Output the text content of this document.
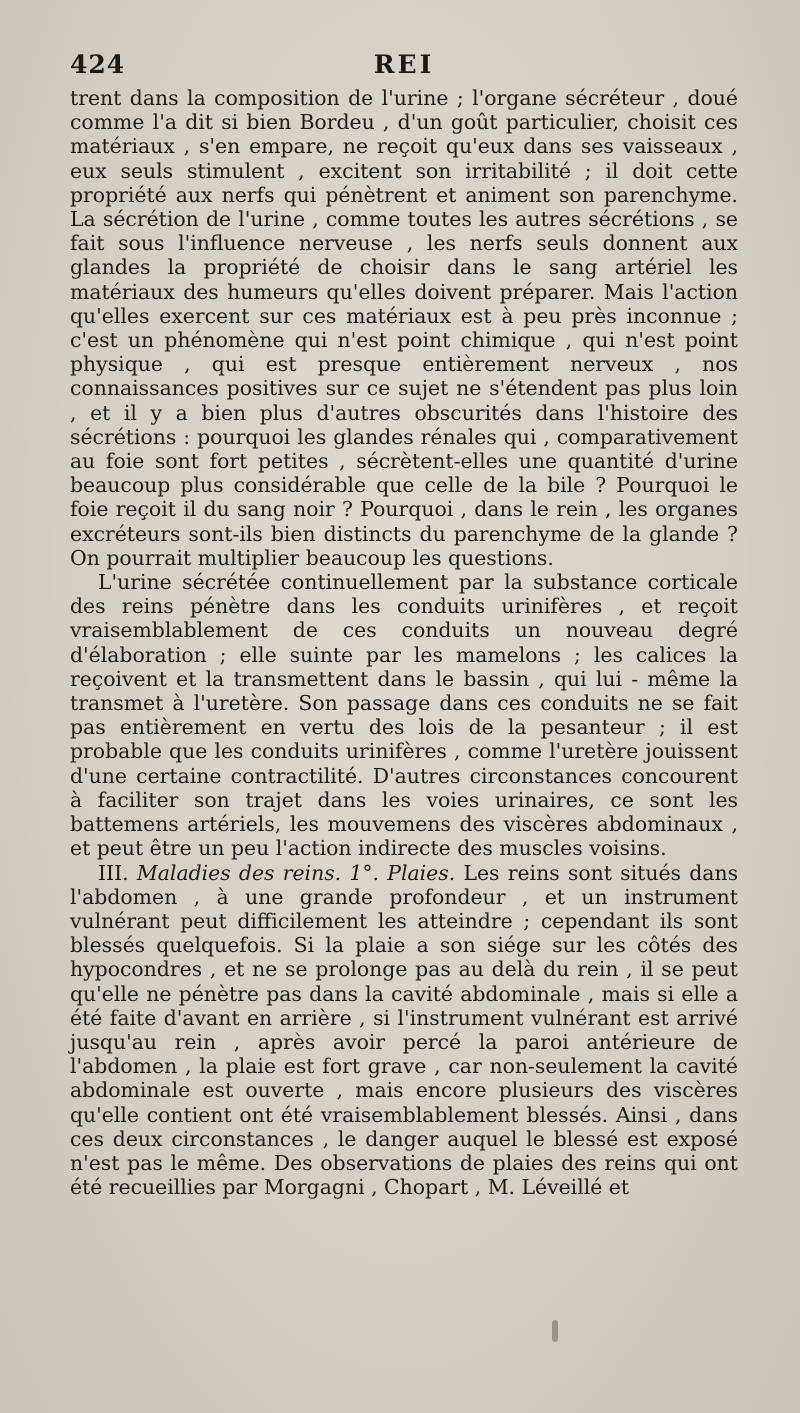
424	REI

trent dans la composition de l'urine ; l'organe sécréteur , doué comme l'a dit si bien Bordeu , d'un goût particulier, choisit ces matériaux , s'en empare, ne reçoit qu'eux dans ses vaisseaux , eux seuls stimulent , excitent son irritabilité ; il doit cette propriété aux nerfs qui pénètrent et animent son parenchyme. La sécrétion de l'urine , comme toutes les autres sécrétions , se fait sous l'influence nerveuse , les nerfs seuls donnent aux glandes la propriété de choisir dans le sang artériel les matériaux des humeurs qu'elles doivent préparer. Mais l'action qu'elles exercent sur ces matériaux est à peu près inconnue ; c'est un phénomène qui n'est point chimique , qui n'est point physique , qui est presque entièrement nerveux , nos connaissances positives sur ce sujet ne s'étendent pas plus loin , et il y a bien plus d'autres obscurités dans l'histoire des sécrétions : pourquoi les glandes rénales qui , comparativement au foie sont fort petites , sécrètent-elles une quantité d'urine beaucoup plus considérable que celle de la bile ? Pourquoi le foie reçoit il du sang noir ? Pourquoi , dans le rein , les organes excréteurs sont-ils bien distincts du parenchyme de la glande ? On pourrait multiplier beaucoup les questions.

L'urine sécrétée continuellement par la substance corticale des reins pénètre dans les conduits urinifères , et reçoit vraisemblablement de ces conduits un nouveau degré d'élaboration ; elle suinte par les mamelons ; les calices la reçoivent et la transmettent dans le bassin , qui lui - même la transmet à l'uretère. Son passage dans ces conduits ne se fait pas entièrement en vertu des lois de la pesanteur ; il est probable que les conduits urinifères , comme l'uretère jouissent d'une certaine contractilité. D'autres circonstances concourent à faciliter son trajet dans les voies urinaires, ce sont les battemens artériels, les mouvemens des viscères abdominaux , et peut être un peu l'action indirecte des muscles voisins.

III. Maladies des reins. 1°. Plaies. Les reins sont situés dans l'abdomen , à une grande profondeur , et un instrument vulnérant peut difficilement les atteindre ; cependant ils sont blessés quelquefois. Si la plaie a son siége sur les côtés des hypocondres , et ne se prolonge pas au delà du rein , il se peut qu'elle ne pénètre pas dans la cavité abdominale , mais si elle a été faite d'avant en arrière , si l'instrument vulnérant est arrivé jusqu'au rein , après avoir percé la paroi antérieure de l'abdomen , la plaie est fort grave , car non-seulement la cavité abdominale est ouverte , mais encore plusieurs des viscères qu'elle contient ont été vraisemblablement blessés. Ainsi , dans ces deux circonstances , le danger auquel le blessé est exposé n'est pas le même. Des observations de plaies des reins qui ont été recueillies par Morgagni , Chopart , M. Léveillé et
